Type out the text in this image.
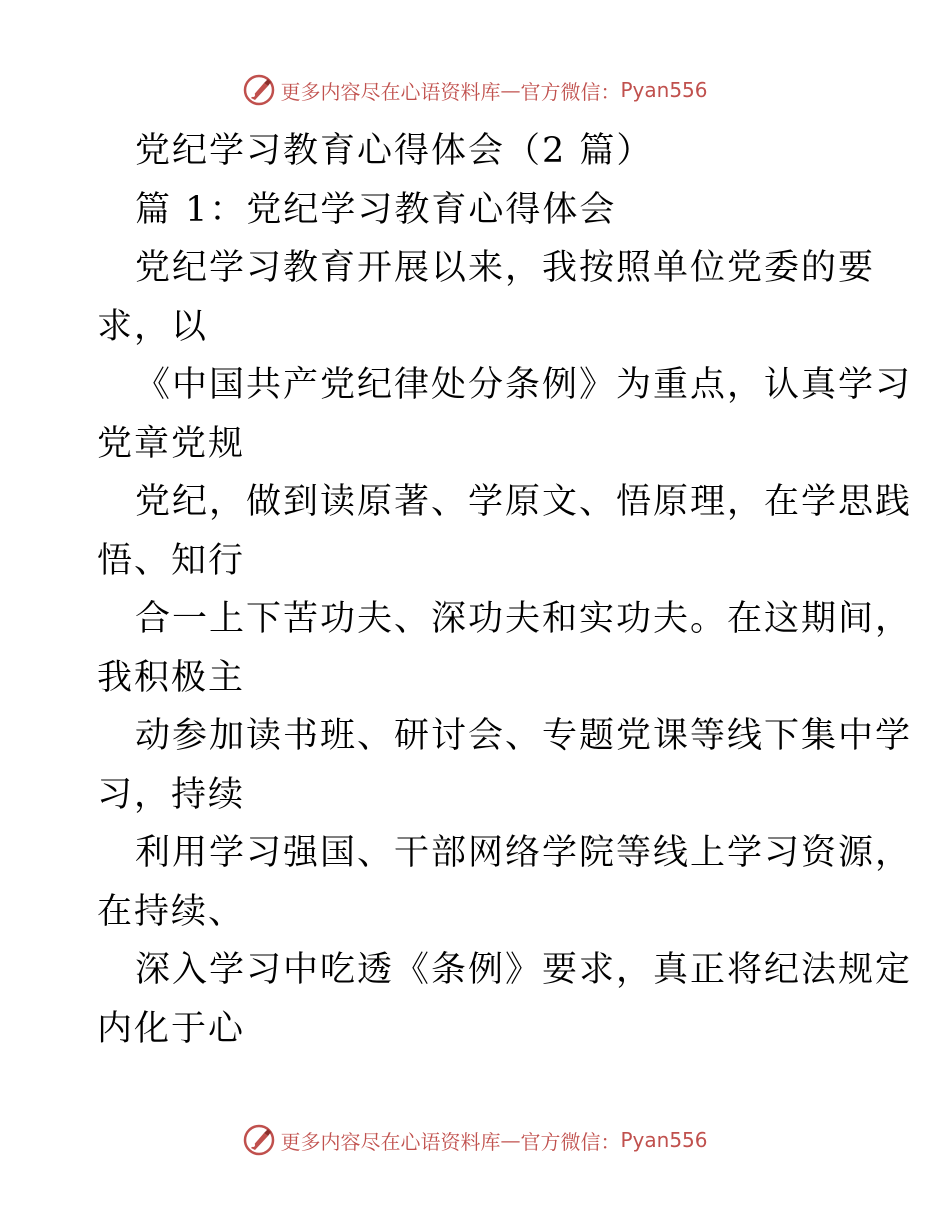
更多内容尽在心语资料库 — 官方微信： Pyan556
党纪学习教育心得体会（2 篇）
篇 1：党纪学习教育心得体会
党纪学习教育开展以来，我按照单位党委的要
求，以
《中国共产党纪律处分条例》为重点，认真学习
党章党规
党纪，做到读原著、学原文、悟原理，在学思践
悟、知行
合一上下苦功夫、深功夫和实功夫。在这期间，
我积极主
动参加读书班、研讨会、专题党课等线下集中学
习，持续
利用学习强国、干部网络学院等线上学习资源，
在持续、
深入学习中吃透《条例》要求，真正将纪法规定
内化于心
更多内容尽在心语资料库 — 官方微信： Pyan556
